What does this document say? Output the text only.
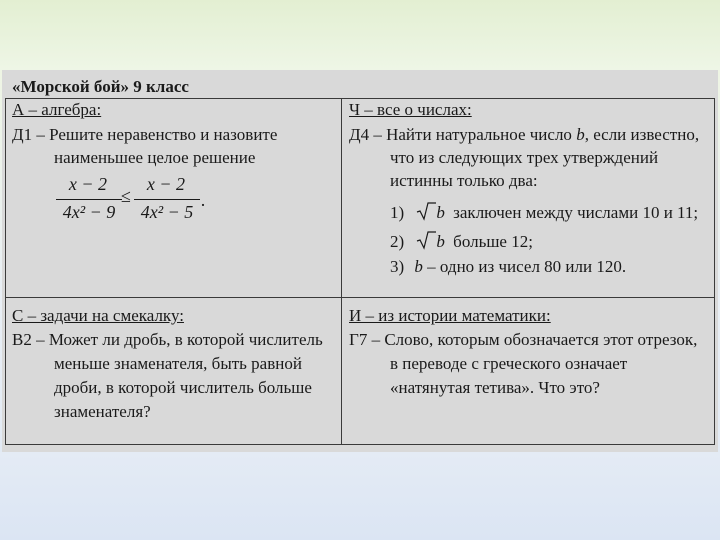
«Морской бой» 9 класс
А – алгебра:
Д1 – Решите неравенство и назовите
наименьшее целое решение
x − 2
4x² − 9
≤
x − 2
4x² − 5
.
Ч – все о числах:
Д4 – Найти натуральное число b, если известно,
что из следующих трех утверждений
истинны только два:
1) b заключен между числами 10 и 11;
2) b больше 12;
3) b – одно из чисел 80 или 120.
С – задачи на смекалку:
В2 – Может ли дробь, в которой числитель
меньше знаменателя, быть равной
дроби, в которой числитель больше
знаменателя?
И – из истории математики:
Г7 – Слово, которым обозначается этот отрезок,
в переводе с греческого означает
«натянутая тетива». Что это?
